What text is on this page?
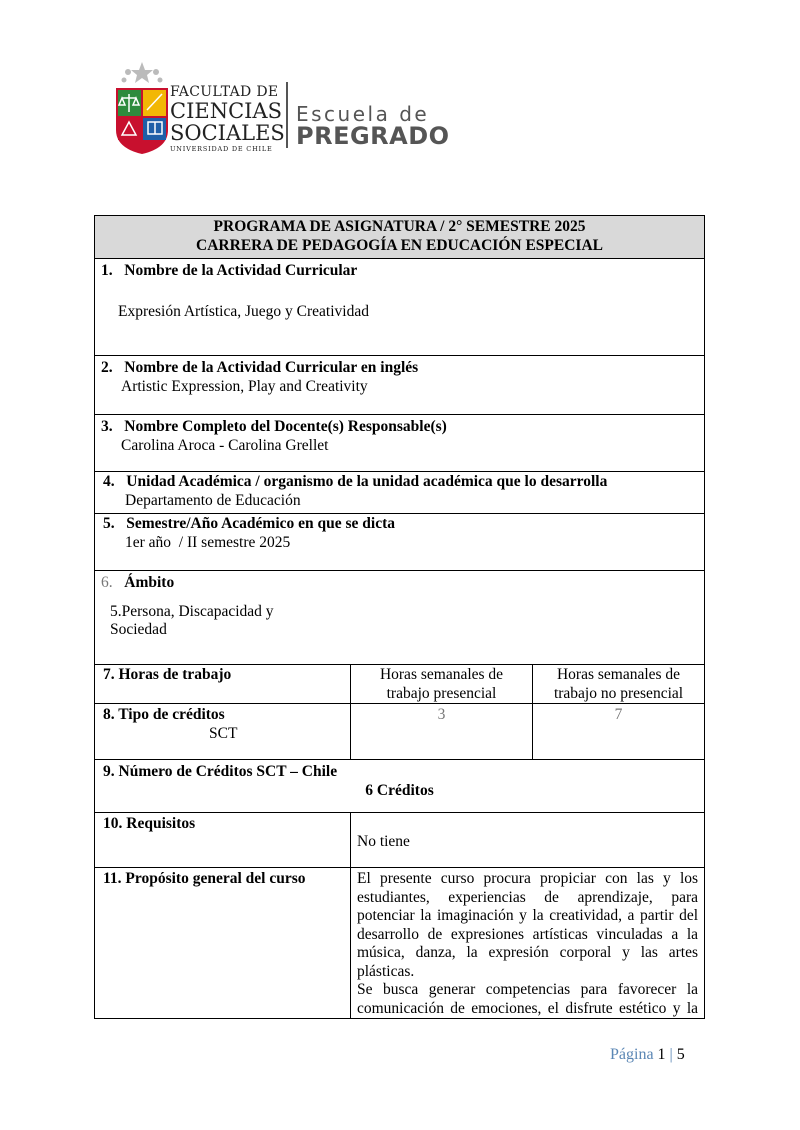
FACULTAD DE
CIENCIAS
SOCIALES
UNIVERSIDAD DE CHILE
Escuela de
PREGRADO
PROGRAMA DE ASIGNATURA / 2° SEMESTRE 2025
CARRERA DE PEDAGOGÍA EN EDUCACIÓN ESPECIAL		

1. Nombre de la Actividad Curricular
Expresión Artística, Juego y Creatividad		

2. Nombre de la Actividad Curricular en inglés
Artistic Expression, Play and Creativity		

3. Nombre Completo del Docente(s) Responsable(s)
Carolina Aroca - Carolina Grellet		

4. Unidad Académica / organismo de la unidad académica que lo desarrolla
Departamento de Educación		

5. Semestre/Año Académico en que se dicta
1er año  / II semestre 2025		

6. Ámbito
5.Persona, Discapacidad y
Sociedad		

7. Horas de trabajo	Horas semanales de trabajo presencial	Horas semanales de trabajo no presencial

8. Tipo de créditos
SCT	3	7

9. Número de Créditos SCT – Chile
6 Créditos		

10. Requisitos	No tiene	
11. Propósito general del curso	El presente curso procura propiciar con las y los estudiantes, experiencias de aprendizaje, para potenciar la imaginación y la creatividad, a partir del desarrollo de expresiones artísticas vinculadas a la música, danza, la expresión corporal y las artes plásticas.
Se busca generar competencias para favorecer la comunicación de emociones, el disfrute estético y la	
Página 1 | 5
